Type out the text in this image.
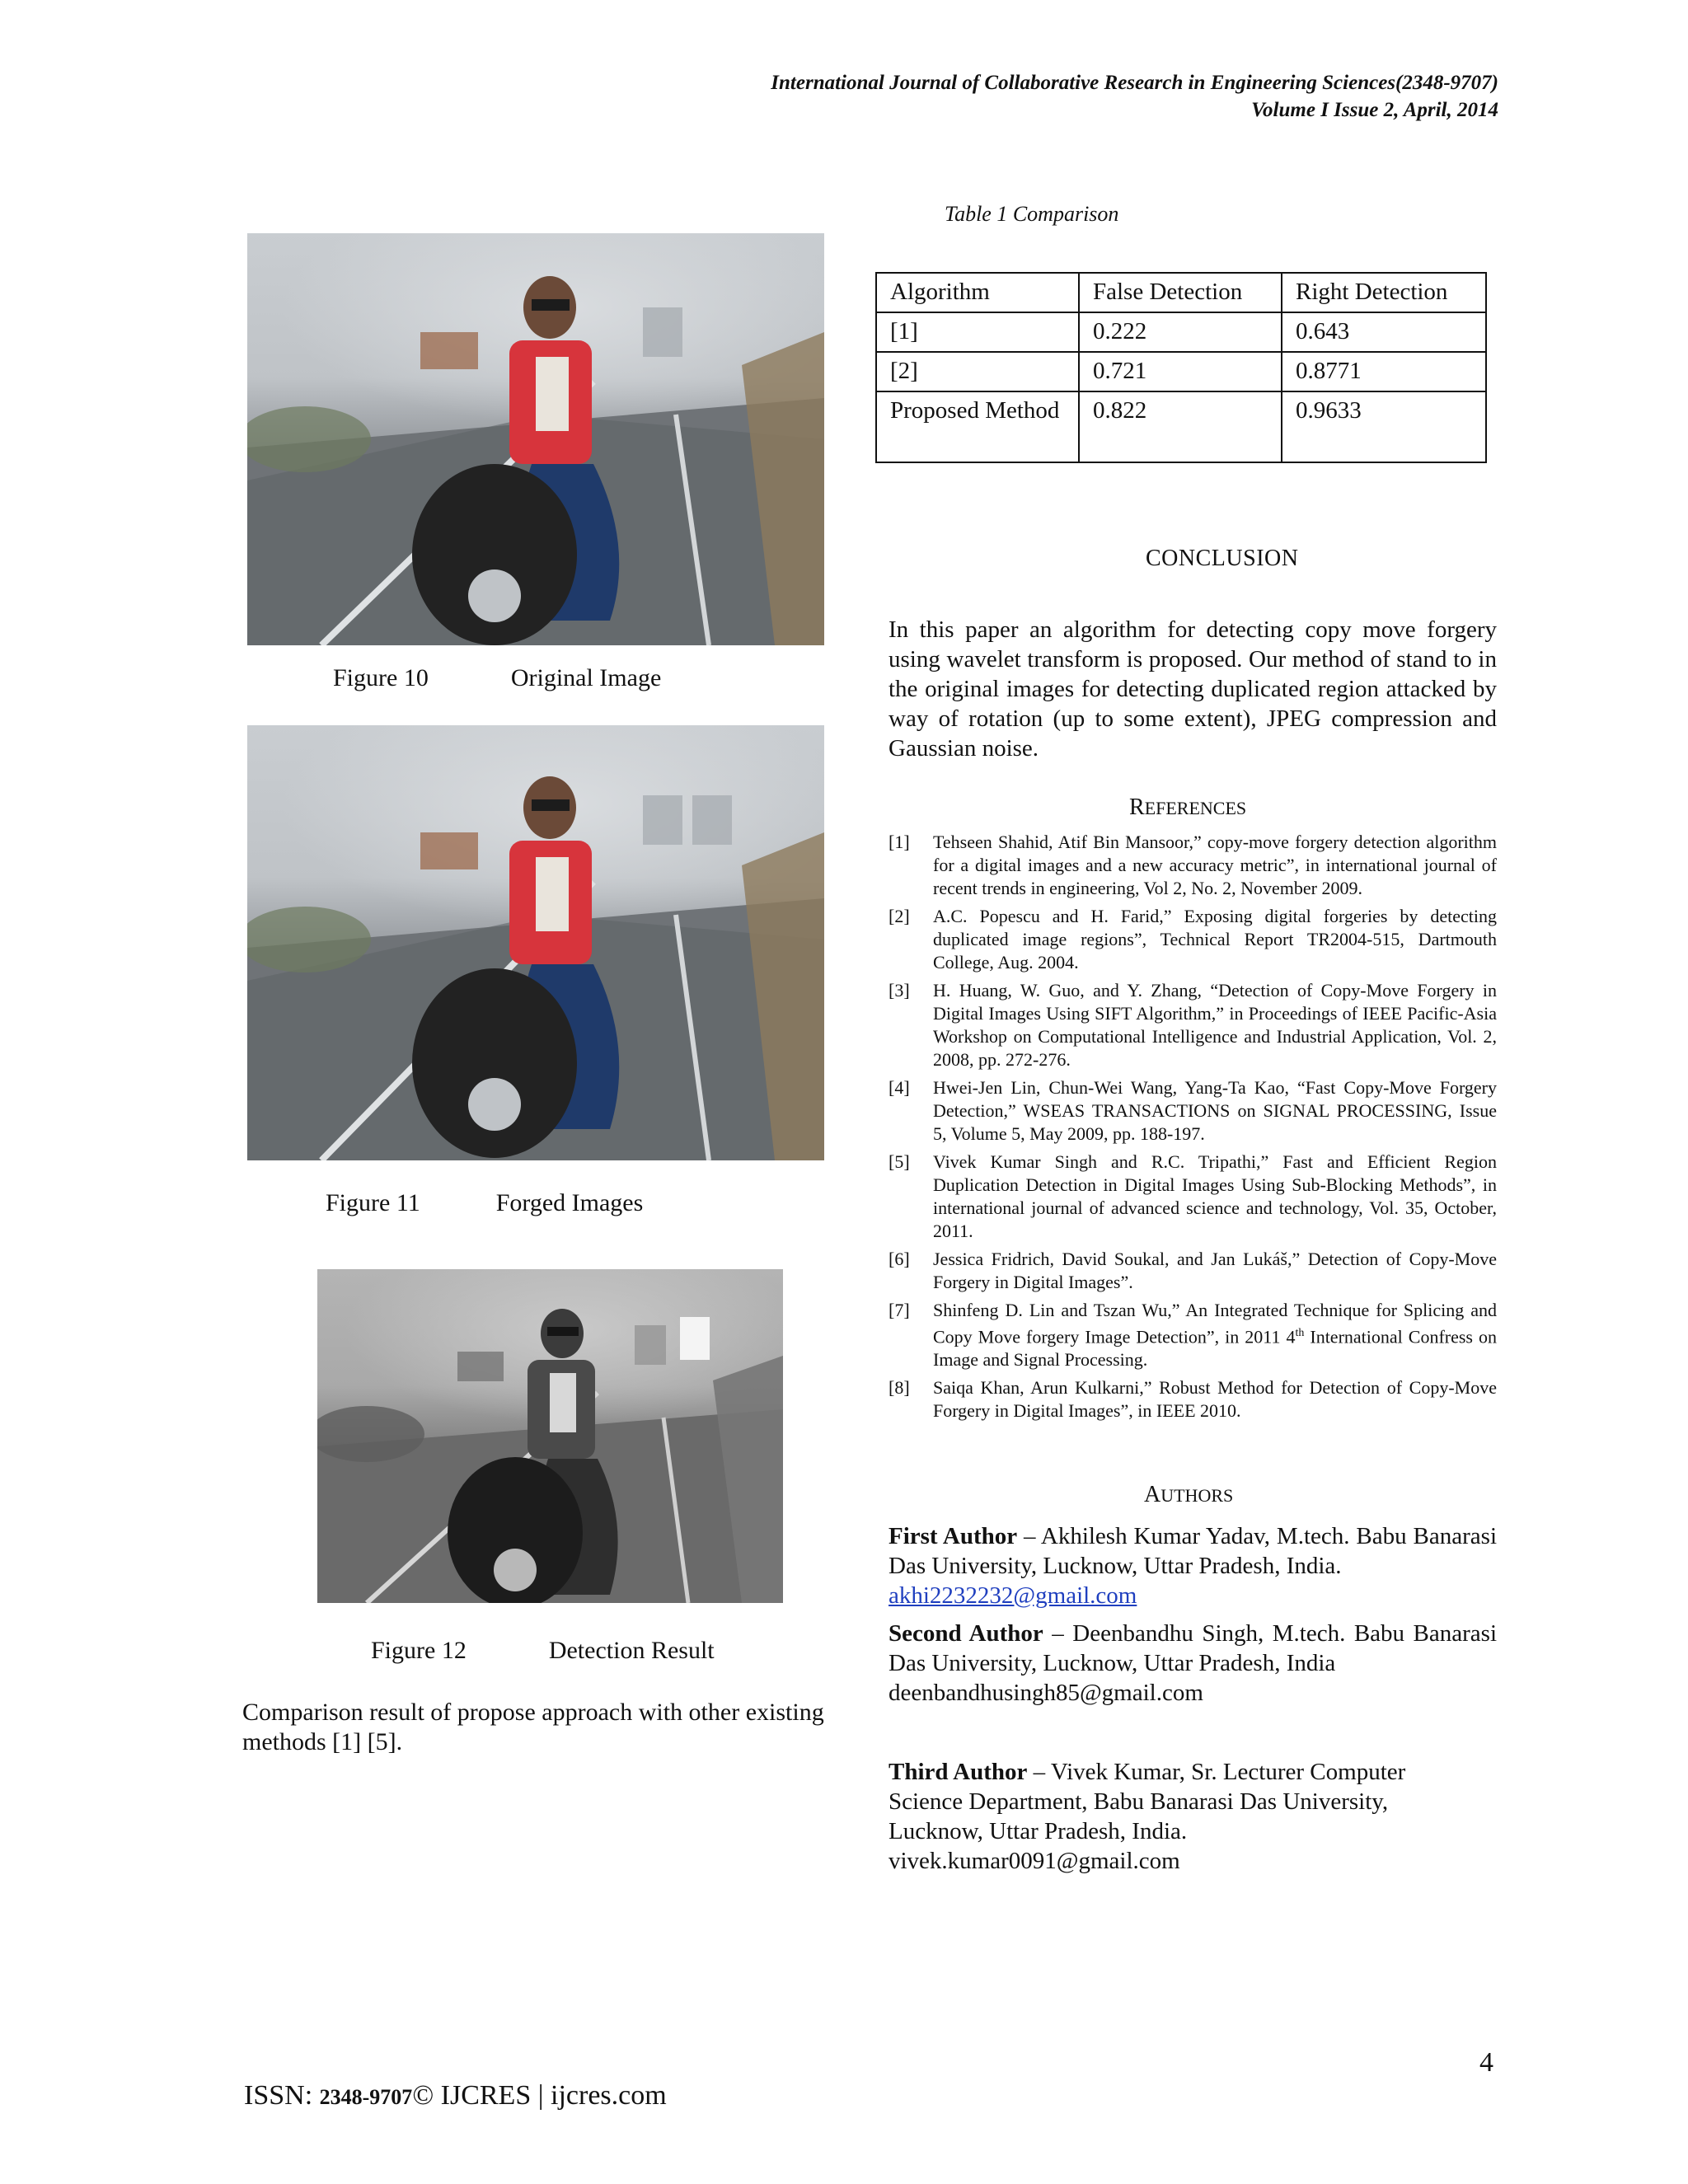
International Journal of Collaborative Research in Engineering Sciences(2348-9707)
Volume I Issue 2, April, 2014
Figure 10	Original Image
Figure 11	Forged Images
Figure 12	Detection Result
Comparison result of propose approach with other existing methods [1] [5].
Table 1 Comparison
Algorithm	False Detection	Right Detection
[1]	0.222	0.643
[2]	0.721	0.8771
Proposed Method	0.822	0.9633
CONCLUSION
In this paper an algorithm for detecting copy move forgery using wavelet transform is proposed. Our method of stand to in the original images for detecting duplicated region attacked by way of rotation (up to some extent), JPEG compression and Gaussian noise.
REFERENCES
[1]	Tehseen Shahid, Atif Bin Mansoor,” copy-move forgery detection algorithm for a digital images and a new accuracy metric”, in international journal of recent trends in engineering, Vol 2, No. 2, November 2009.
[2]	A.C. Popescu and H. Farid,” Exposing digital forgeries by detecting duplicated image regions”, Technical Report TR2004-515, Dartmouth College, Aug. 2004.
[3]	H. Huang, W. Guo, and Y. Zhang, “Detection of Copy-Move Forgery in Digital Images Using SIFT Algorithm,” in Proceedings of IEEE Pacific-Asia Workshop on Computational Intelligence and Industrial Application, Vol. 2, 2008, pp. 272-276.
[4]	Hwei-Jen Lin, Chun-Wei Wang, Yang-Ta Kao, “Fast Copy-Move Forgery Detection,” WSEAS TRANSACTIONS on SIGNAL PROCESSING, Issue 5, Volume 5, May 2009, pp. 188-197.
[5]	Vivek Kumar Singh and R.C. Tripathi,” Fast and Efficient Region Duplication Detection in Digital Images Using Sub-Blocking Methods”, in international journal of advanced science and technology, Vol. 35, October, 2011.
[6]	Jessica Fridrich, David Soukal, and Jan Lukáš,” Detection of Copy-Move Forgery in Digital Images”.
[7]	Shinfeng D. Lin and Tszan Wu,” An Integrated Technique for Splicing and Copy Move forgery Image Detection”, in 2011 4th International Confress on Image and Signal Processing.
[8]	Saiqa Khan, Arun Kulkarni,” Robust Method for Detection of Copy-Move Forgery in Digital Images”, in IEEE 2010.
AUTHORS
First Author – Akhilesh Kumar Yadav, M.tech. Babu Banarasi Das University, Lucknow, Uttar Pradesh, India.
akhi2232232@gmail.com
Second Author – Deenbandhu Singh, M.tech. Babu Banarasi Das University, Lucknow, Uttar Pradesh, India
deenbandhusingh85@gmail.com
Third Author – Vivek Kumar, Sr. Lecturer Computer
Science Department, Babu Banarasi Das University,
Lucknow, Uttar Pradesh, India.
vivek.kumar0091@gmail.com
4
ISSN: 2348-9707© IJCRES | ijcres.com
